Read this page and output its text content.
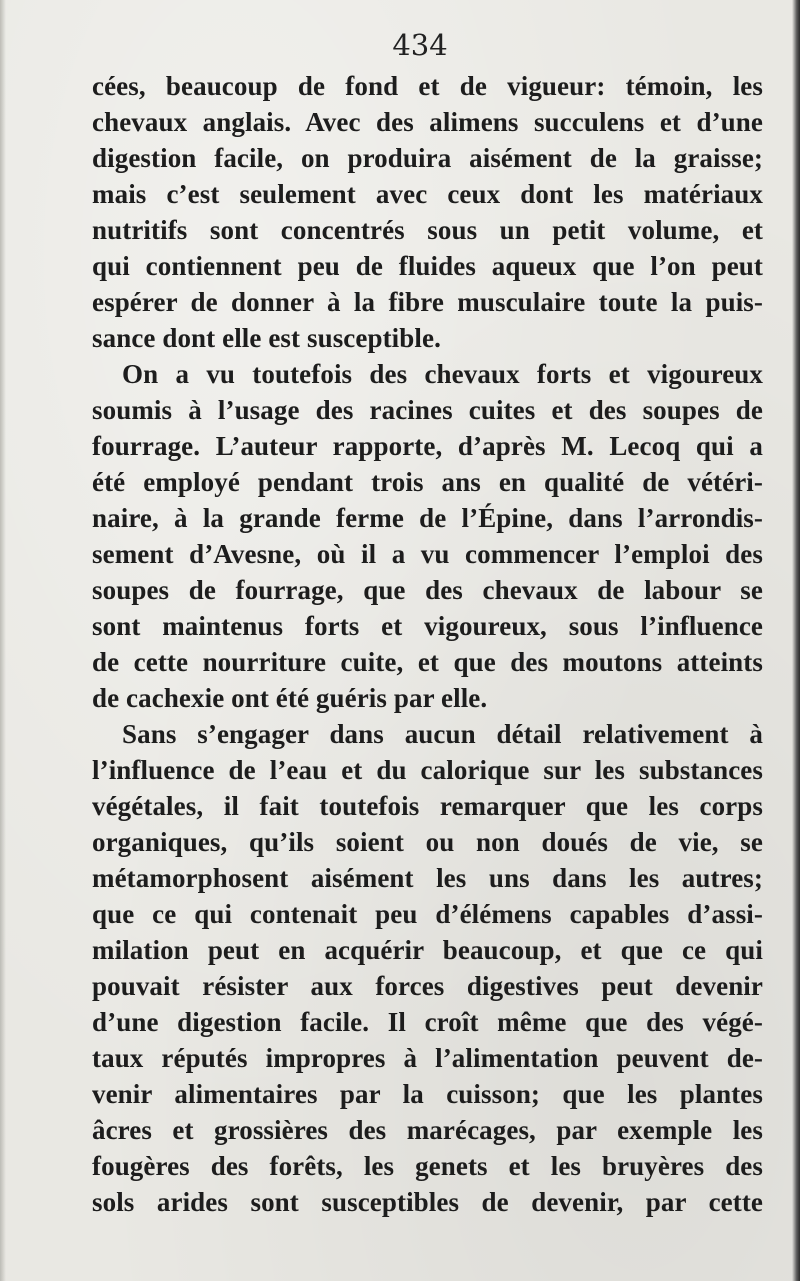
434
cées, beaucoup de fond et de vigueur: témoin, les
chevaux anglais. Avec des alimens succulens et d’une
digestion facile, on produira aisément de la graisse;
mais c’est seulement avec ceux dont les matériaux
nutritifs sont concentrés sous un petit volume, et
qui contiennent peu de fluides aqueux que l’on peut
espérer de donner à la fibre musculaire toute la puis-
sance dont elle est susceptible.
On a vu toutefois des chevaux forts et vigoureux
soumis à l’usage des racines cuites et des soupes de
fourrage. L’auteur rapporte, d’après M. Lecoq qui a
été employé pendant trois ans en qualité de vétéri-
naire, à la grande ferme de l’Épine, dans l’arrondis-
sement d’Avesne, où il a vu commencer l’emploi des
soupes de fourrage, que des chevaux de labour se
sont maintenus forts et vigoureux, sous l’influence
de cette nourriture cuite, et que des moutons atteints
de cachexie ont été guéris par elle.
Sans s’engager dans aucun détail relativement à
l’influence de l’eau et du calorique sur les substances
végétales, il fait toutefois remarquer que les corps
organiques, qu’ils soient ou non doués de vie, se
métamorphosent aisément les uns dans les autres;
que ce qui contenait peu d’élémens capables d’assi-
milation peut en acquérir beaucoup, et que ce qui
pouvait résister aux forces digestives peut devenir
d’une digestion facile. Il croît même que des végé-
taux réputés impropres à l’alimentation peuvent de-
venir alimentaires par la cuisson; que les plantes
âcres et grossières des marécages, par exemple les
fougères des forêts, les genets et les bruyères des
sols arides sont susceptibles de devenir, par cette
